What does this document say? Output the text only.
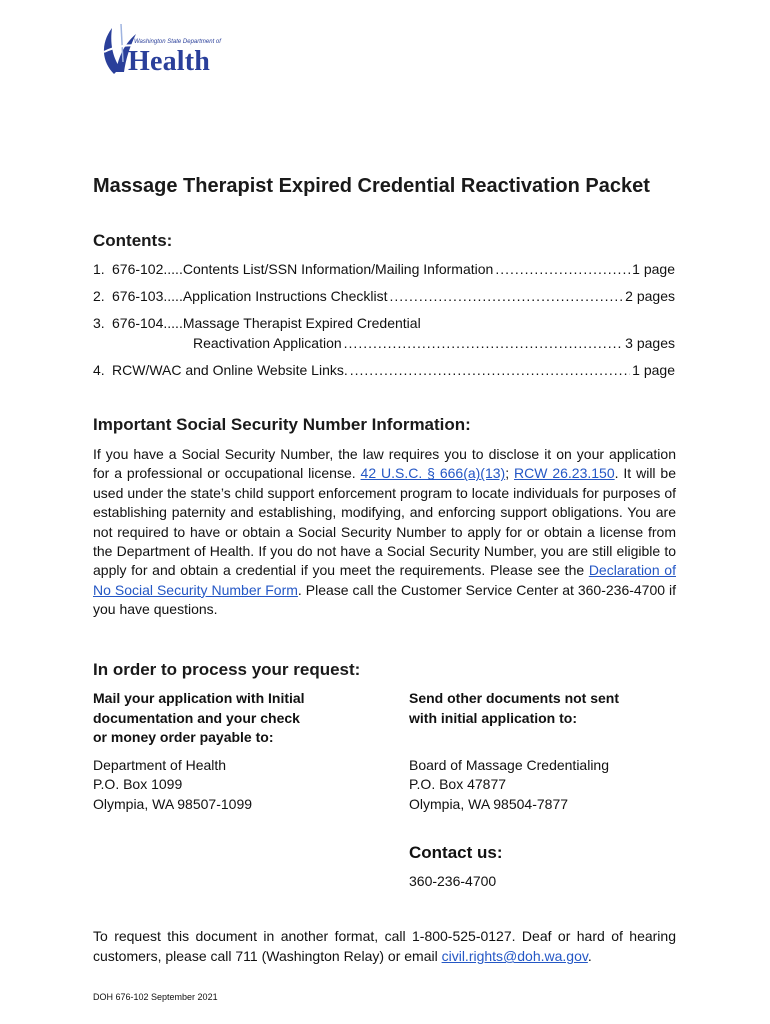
Washington State Department of
Health
Massage Therapist Expired Credential Reactivation Packet
Contents:
1. 676-102.....Contents List/SSN Information/Mailing Information .....	1 page
2. 676-103.....Application Instructions Checklist .....	2 pages
3. 676-104.....Massage Therapist Expired Credential
Reactivation Application .....	3 pages
4. RCW/WAC and Online Website Links. .....	1 page
Important Social Security Number Information:
If you have a Social Security Number, the law requires you to disclose it on your application for a professional or occupational license. 42 U.S.C. § 666(a)(13); RCW 26.23.150. It will be used under the state’s child support enforcement program to locate individuals for purposes of establishing paternity and establishing, modifying, and enforcing support obligations. You are not required to have or obtain a Social Security Number to apply for or obtain a license from the Department of Health. If you do not have a Social Security Number, you are still eligible to apply for and obtain a credential if you meet the requirements. Please see the Declaration of No Social Security Number Form. Please call the Customer Service Center at 360-236-4700 if you have questions.
In order to process your request:
Mail your application with Initial
documentation and your check
or money order payable to:
Department of Health
P.O. Box 1099
Olympia, WA 98507-1099
Send other documents not sent
with initial application to:
Board of Massage Credentialing
P.O. Box 47877
Olympia, WA 98504-7877
Contact us:
360-236-4700
To request this document in another format, call 1-800-525-0127. Deaf or hard of hearing customers, please call 711 (Washington Relay) or email civil.rights@doh.wa.gov.
DOH 676-102 September 2021
